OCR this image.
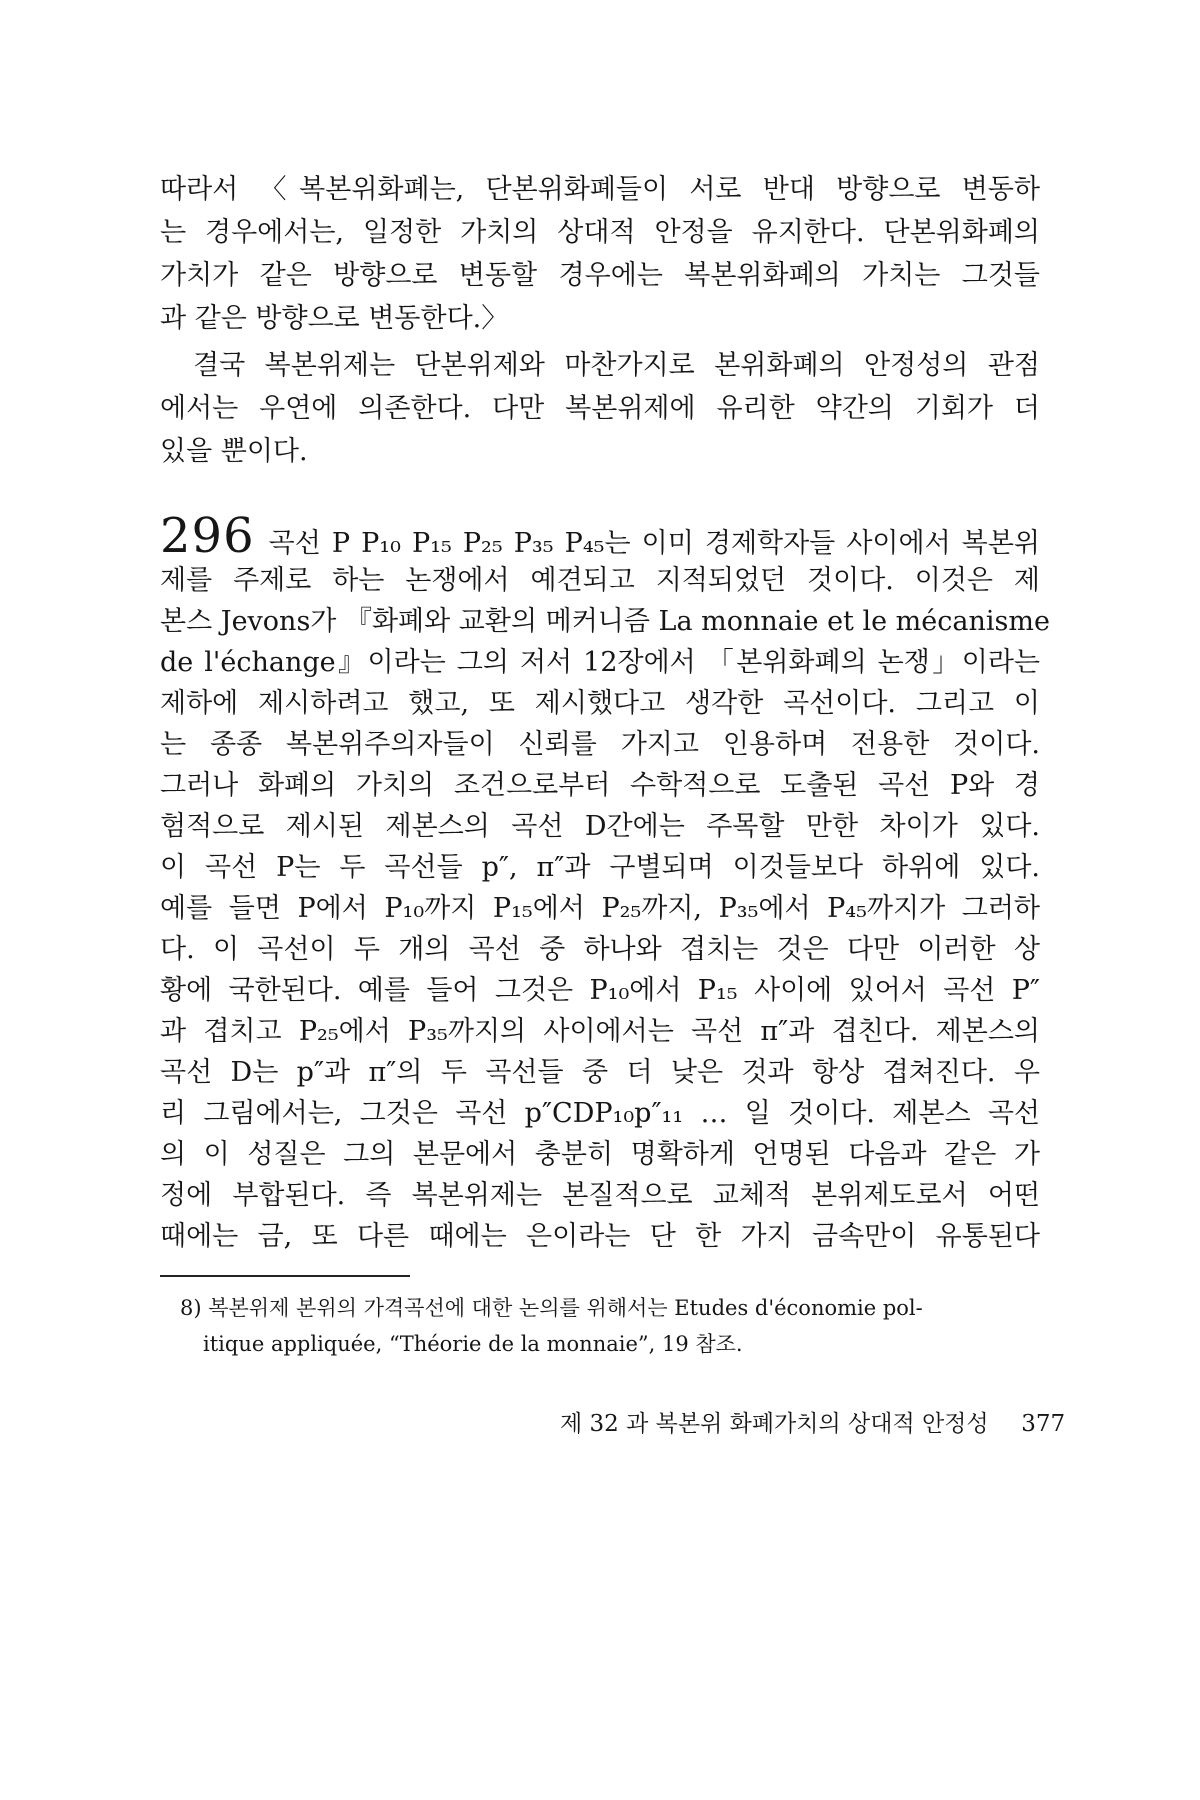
따라서 〈복본위화폐는, 단본위화폐들이 서로 반대 방향으로 변동하
는 경우에서는, 일정한 가치의 상대적 안정을 유지한다. 단본위화폐의
가치가 같은 방향으로 변동할 경우에는 복본위화폐의 가치는 그것들
과 같은 방향으로 변동한다.〉
결국 복본위제는 단본위제와 마찬가지로 본위화폐의 안정성의 관점
에서는 우연에 의존한다. 다만 복본위제에 유리한 약간의 기회가 더
있을 뿐이다.
296 곡선 P P₁₀ P₁₅ P₂₅ P₃₅ P₄₅는 이미 경제학자들 사이에서 복본위
제를 주제로 하는 논쟁에서 예견되고 지적되었던 것이다. 이것은 제
본스 Jevons가 『화폐와 교환의 메커니즘 La monnaie et le mécanisme
de l'échange』이라는 그의 저서 12장에서 「본위화폐의 논쟁」이라는
제하에 제시하려고 했고, 또 제시했다고 생각한 곡선이다. 그리고 이
는 종종 복본위주의자들이 신뢰를 가지고 인용하며 전용한 것이다.
그러나 화폐의 가치의 조건으로부터 수학적으로 도출된 곡선 P와 경
험적으로 제시된 제본스의 곡선 D간에는 주목할 만한 차이가 있다.
이 곡선 P는 두 곡선들 p″, π″과 구별되며 이것들보다 하위에 있다.
예를 들면 P에서 P₁₀까지 P₁₅에서 P₂₅까지, P₃₅에서 P₄₅까지가 그러하
다. 이 곡선이 두 개의 곡선 중 하나와 겹치는 것은 다만 이러한 상
황에 국한된다. 예를 들어 그것은 P₁₀에서 P₁₅ 사이에 있어서 곡선 P″
과 겹치고 P₂₅에서 P₃₅까지의 사이에서는 곡선 π″과 겹친다. 제본스의
곡선 D는 p″과 π″의 두 곡선들 중 더 낮은 것과 항상 겹쳐진다. 우
리 그림에서는, 그것은 곡선 p″CDP₁₀p″₁₁ … 일 것이다. 제본스 곡선
의 이 성질은 그의 본문에서 충분히 명확하게 언명된 다음과 같은 가
정에 부합된다. 즉 복본위제는 본질적으로 교체적 본위제도로서 어떤
때에는 금, 또 다른 때에는 은이라는 단 한 가지 금속만이 유통된다
8) 복본위제 본위의 가격곡선에 대한 논의를 위해서는 Etudes d'économie pol-
itique appliquée, “Théorie de la monnaie”, 19 참조.
제 32 과 복본위 화폐가치의 상대적 안정성 377
